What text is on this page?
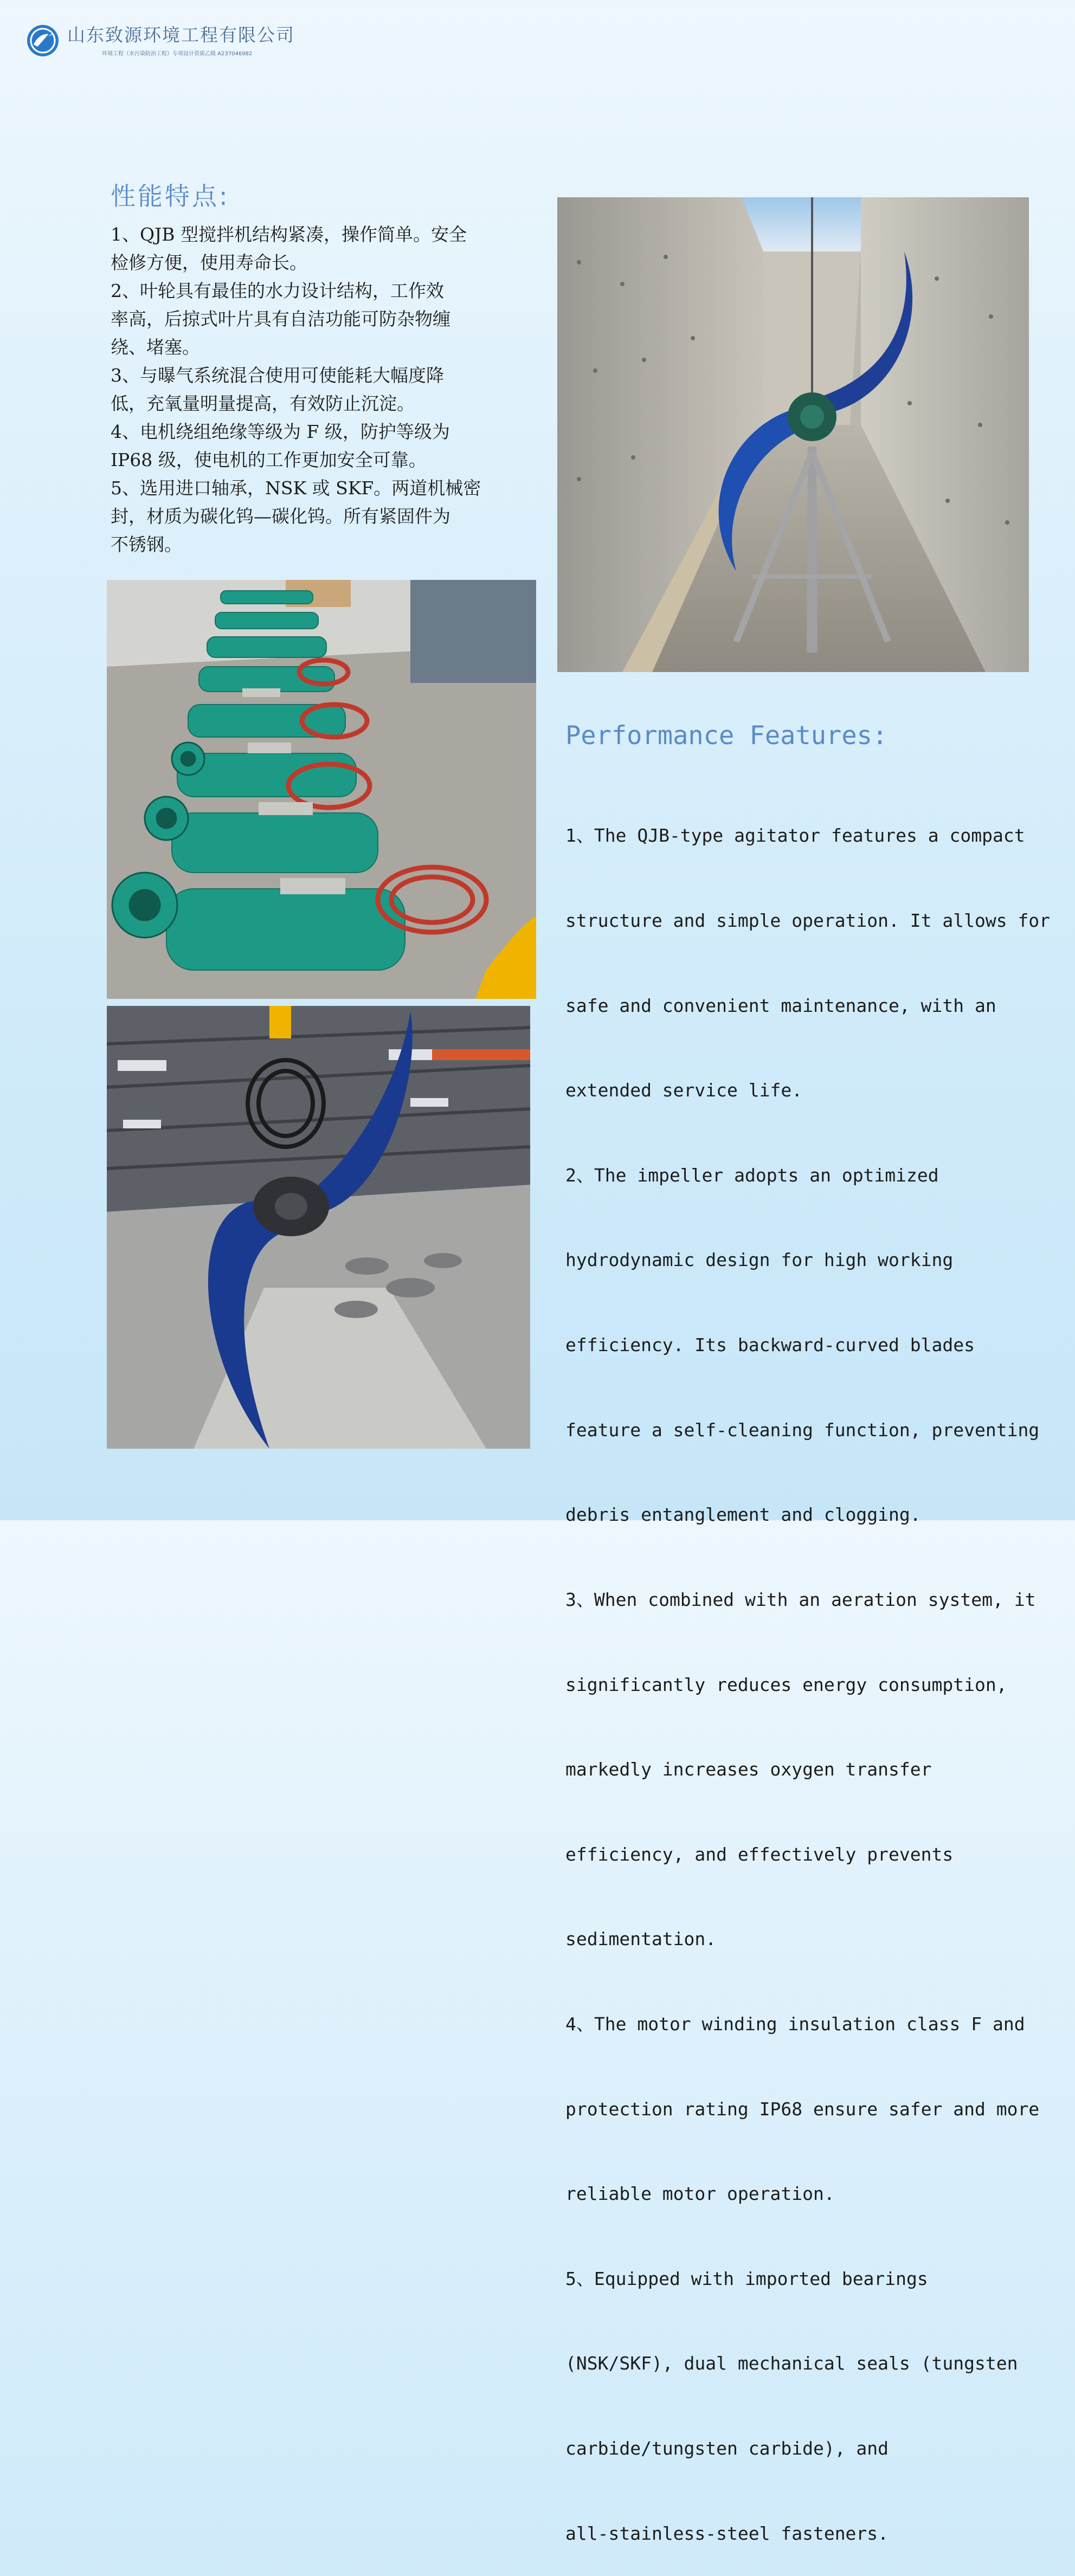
山东致源环境工程有限公司
环境工程（水污染防治工程）专项设计资质乙级 A237046982
性能特点:

1、QJB 型搅拌机结构紧凑，操作简单。安全

检修方便，使用寿命长。

2、叶轮具有最佳的水力设计结构，工作效

率高，后掠式叶片具有自洁功能可防杂物缠

绕、堵塞。

3、与曝气系统混合使用可使能耗大幅度降

低，充氧量明量提高，有效防止沉淀。

4、电机绕组绝缘等级为 F 级，防护等级为

IP68 级，使电机的工作更加安全可靠。

5、选用进口轴承，NSK 或 SKF。两道机械密

封，材质为碳化钨—碳化钨。所有紧固件为

不锈钢。

Performance Features:

1、The QJB-type agitator features a compact

structure and simple operation. It allows for

safe and convenient maintenance, with an

extended service life.

2、The impeller adopts an optimized

hydrodynamic design for high working

efficiency. Its backward-curved blades

feature a self-cleaning function, preventing

debris entanglement and clogging.

3、When combined with an aeration system, it

significantly reduces energy consumption,

markedly increases oxygen transfer

efficiency, and effectively prevents

sedimentation.

4、The motor winding insulation class F and

protection rating IP68 ensure safer and more

reliable motor operation.

5、Equipped with imported bearings

(NSK/SKF), dual mechanical seals (tungsten

carbide/tungsten carbide), and

all-stainless-steel fasteners.
